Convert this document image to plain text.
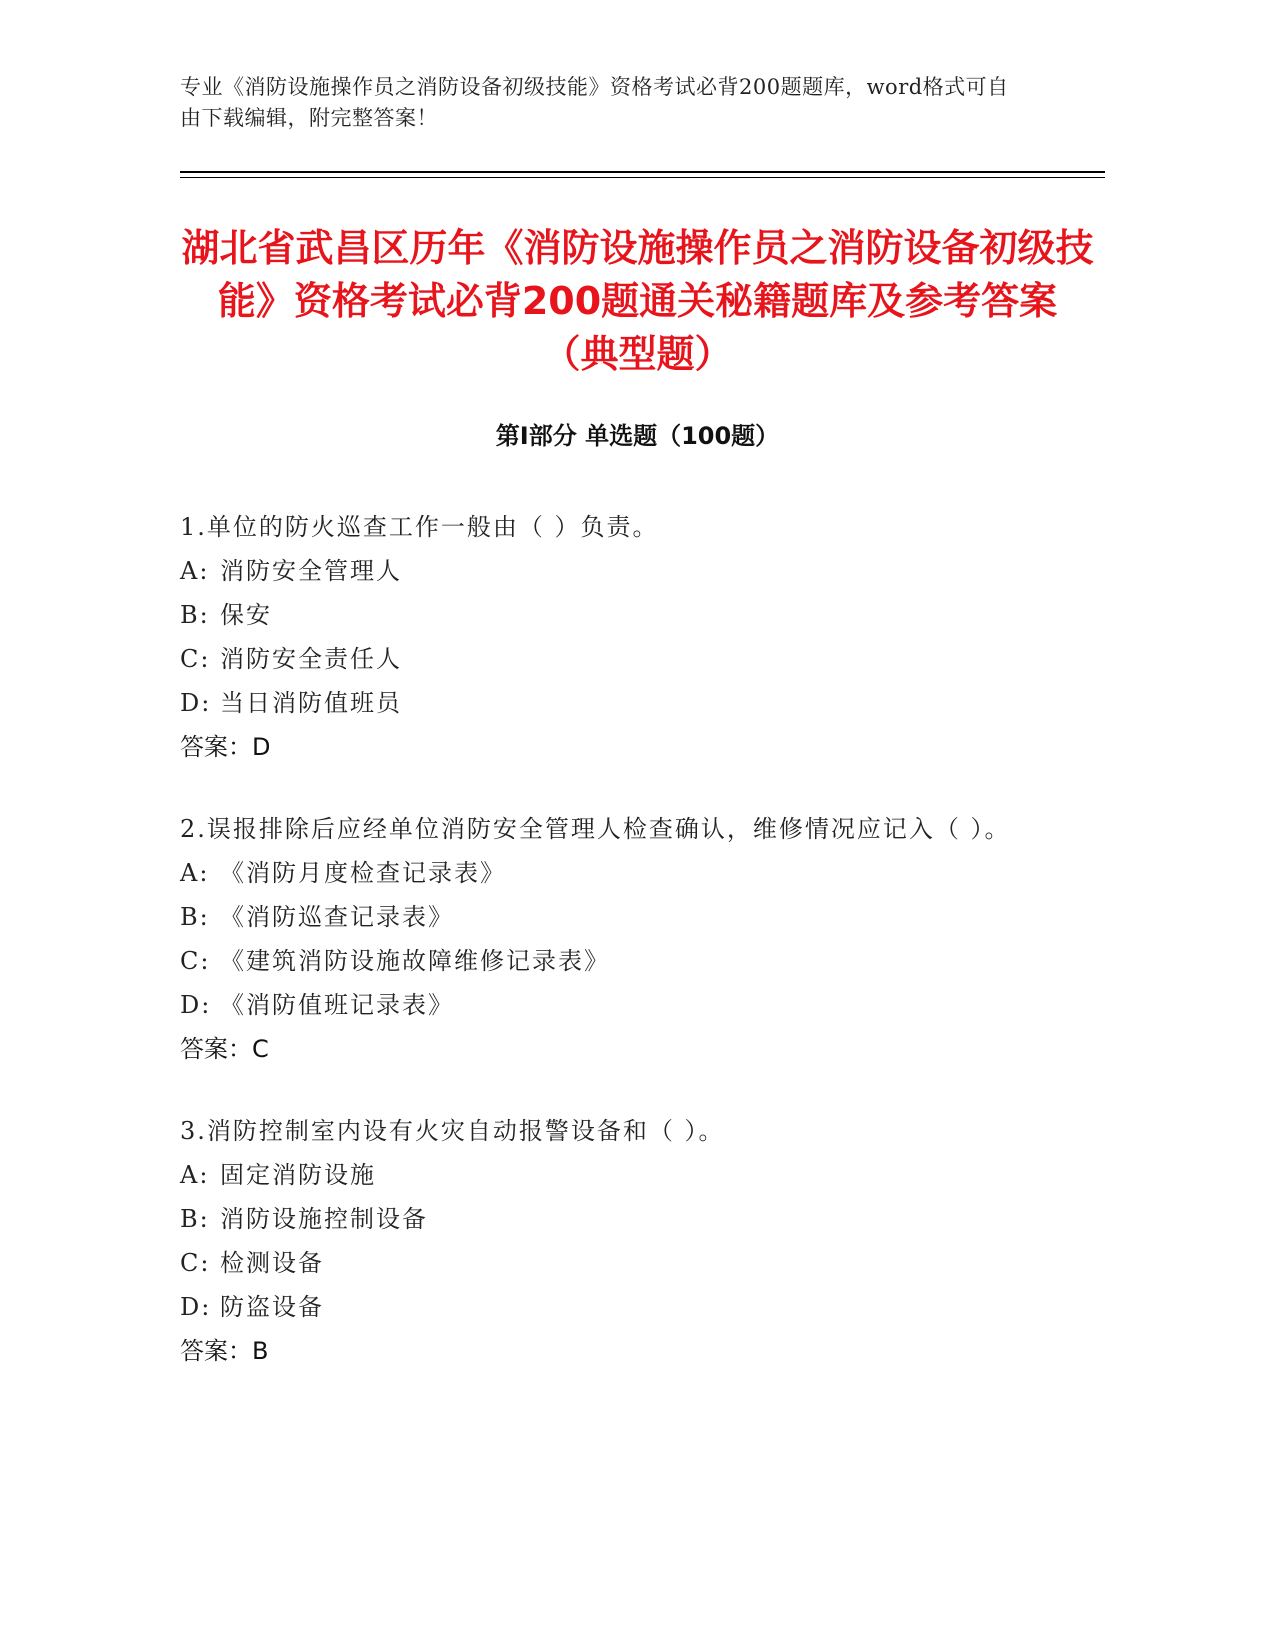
专业《消防设施操作员之消防设备初级技能》资格考试必背200题题库，word格式可自由下载编辑，附完整答案！
湖北省武昌区历年《消防设施操作员之消防设备初级技能》资格考试必背200题通关秘籍题库及参考答案（典型题）
第Ⅰ部分 单选题（100题）
1.单位的防火巡查工作一般由（ ）负责。
A: 消防安全管理人
B: 保安
C: 消防安全责任人
D: 当日消防值班员
答案：D
2.误报排除后应经单位消防安全管理人检查确认，维修情况应记入（ ）。
A: 《消防月度检查记录表》
B: 《消防巡查记录表》
C: 《建筑消防设施故障维修记录表》
D: 《消防值班记录表》
答案：C
3.消防控制室内设有火灾自动报警设备和（ ）。
A: 固定消防设施
B: 消防设施控制设备
C: 检测设备
D: 防盗设备
答案：B
